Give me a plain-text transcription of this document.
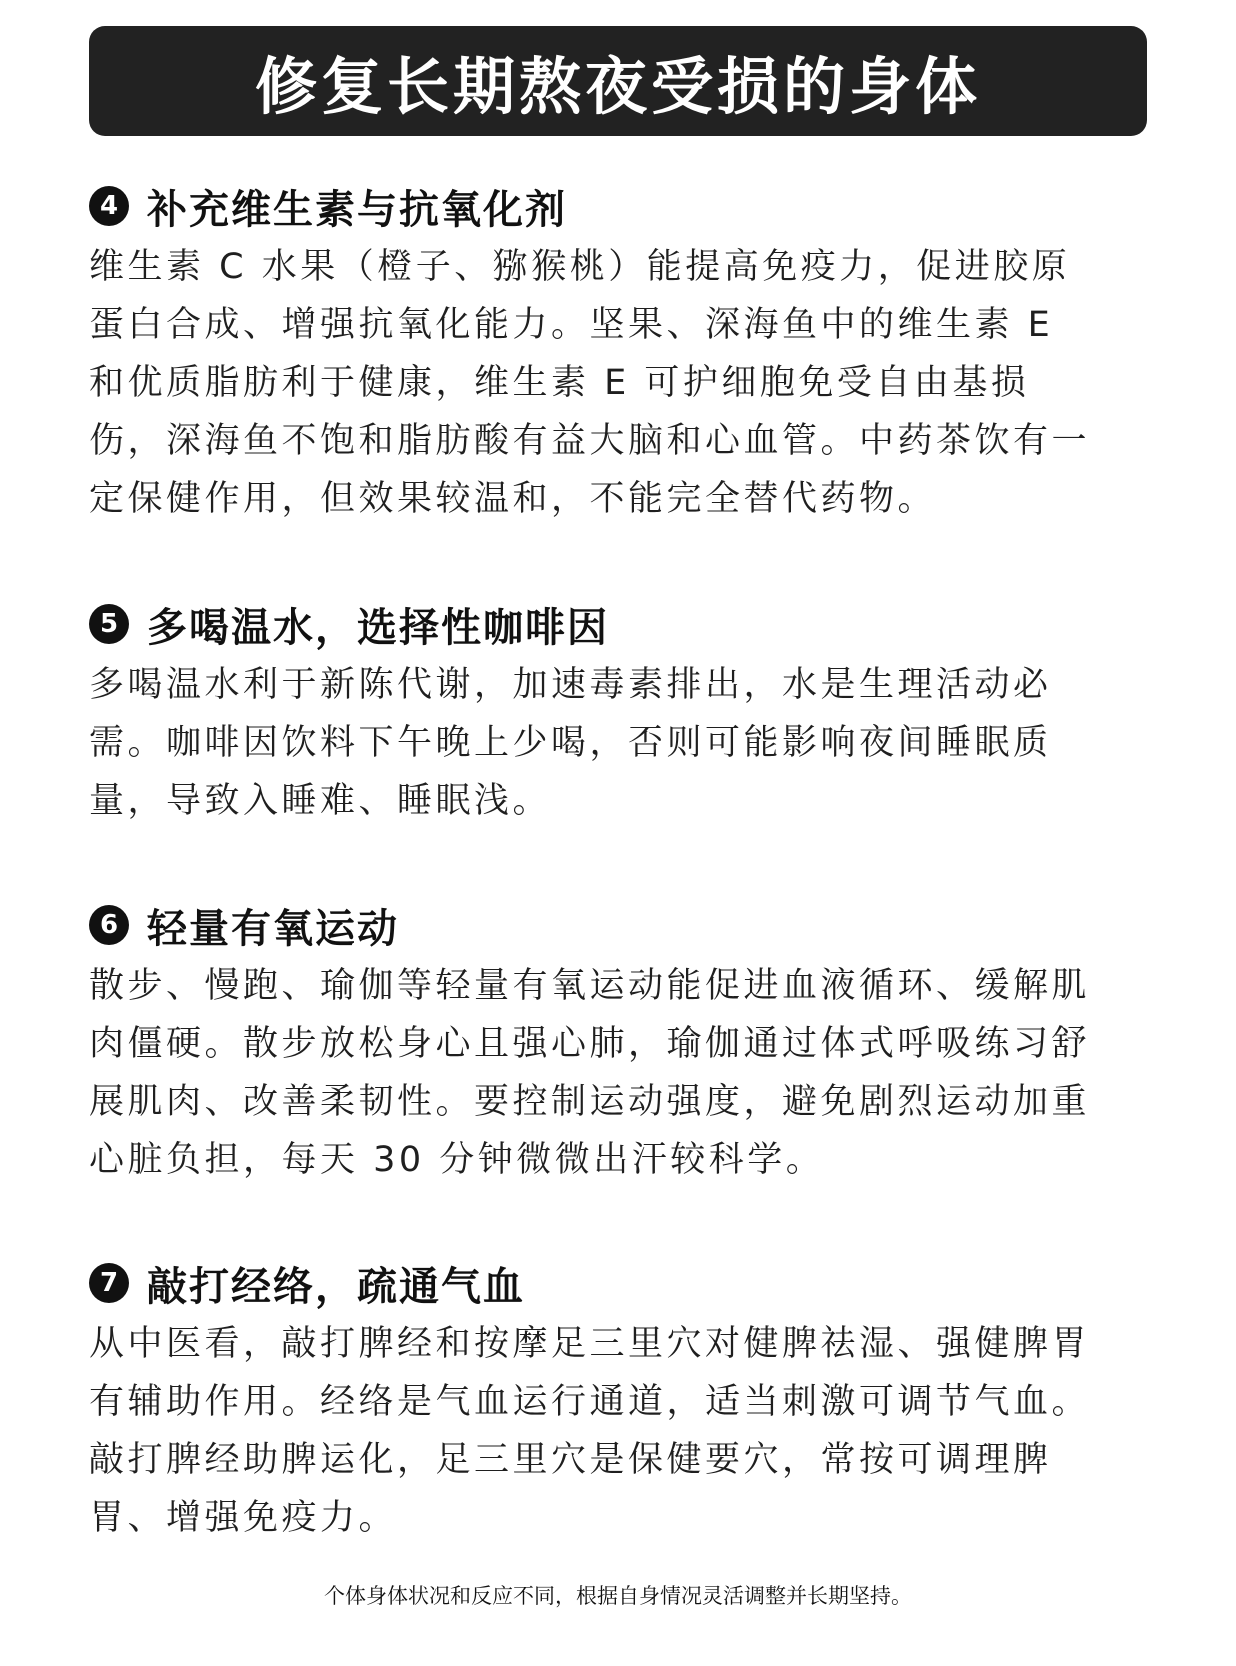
修复长期熬夜受损的身体
4 补充维生素与抗氧化剂
维生素 C 水果（橙子、猕猴桃）能提高免疫力，促进胶原
蛋白合成、增强抗氧化能力。坚果、深海鱼中的维生素 E
和优质脂肪利于健康，维生素 E 可护细胞免受自由基损
伤，深海鱼不饱和脂肪酸有益大脑和心血管。中药茶饮有一
定保健作用，但效果较温和，不能完全替代药物。
5 多喝温水，选择性咖啡因
多喝温水利于新陈代谢，加速毒素排出，水是生理活动必
需。咖啡因饮料下午晚上少喝，否则可能影响夜间睡眠质
量，导致入睡难、睡眠浅。
6 轻量有氧运动
散步、慢跑、瑜伽等轻量有氧运动能促进血液循环、缓解肌
肉僵硬。散步放松身心且强心肺，瑜伽通过体式呼吸练习舒
展肌肉、改善柔韧性。要控制运动强度，避免剧烈运动加重
心脏负担，每天 30 分钟微微出汗较科学。
7 敲打经络，疏通气血
从中医看，敲打脾经和按摩足三里穴对健脾祛湿、强健脾胃
有辅助作用。经络是气血运行通道，适当刺激可调节气血。
敲打脾经助脾运化，足三里穴是保健要穴，常按可调理脾
胃、增强免疫力。
个体身体状况和反应不同，根据自身情况灵活调整并长期坚持。
